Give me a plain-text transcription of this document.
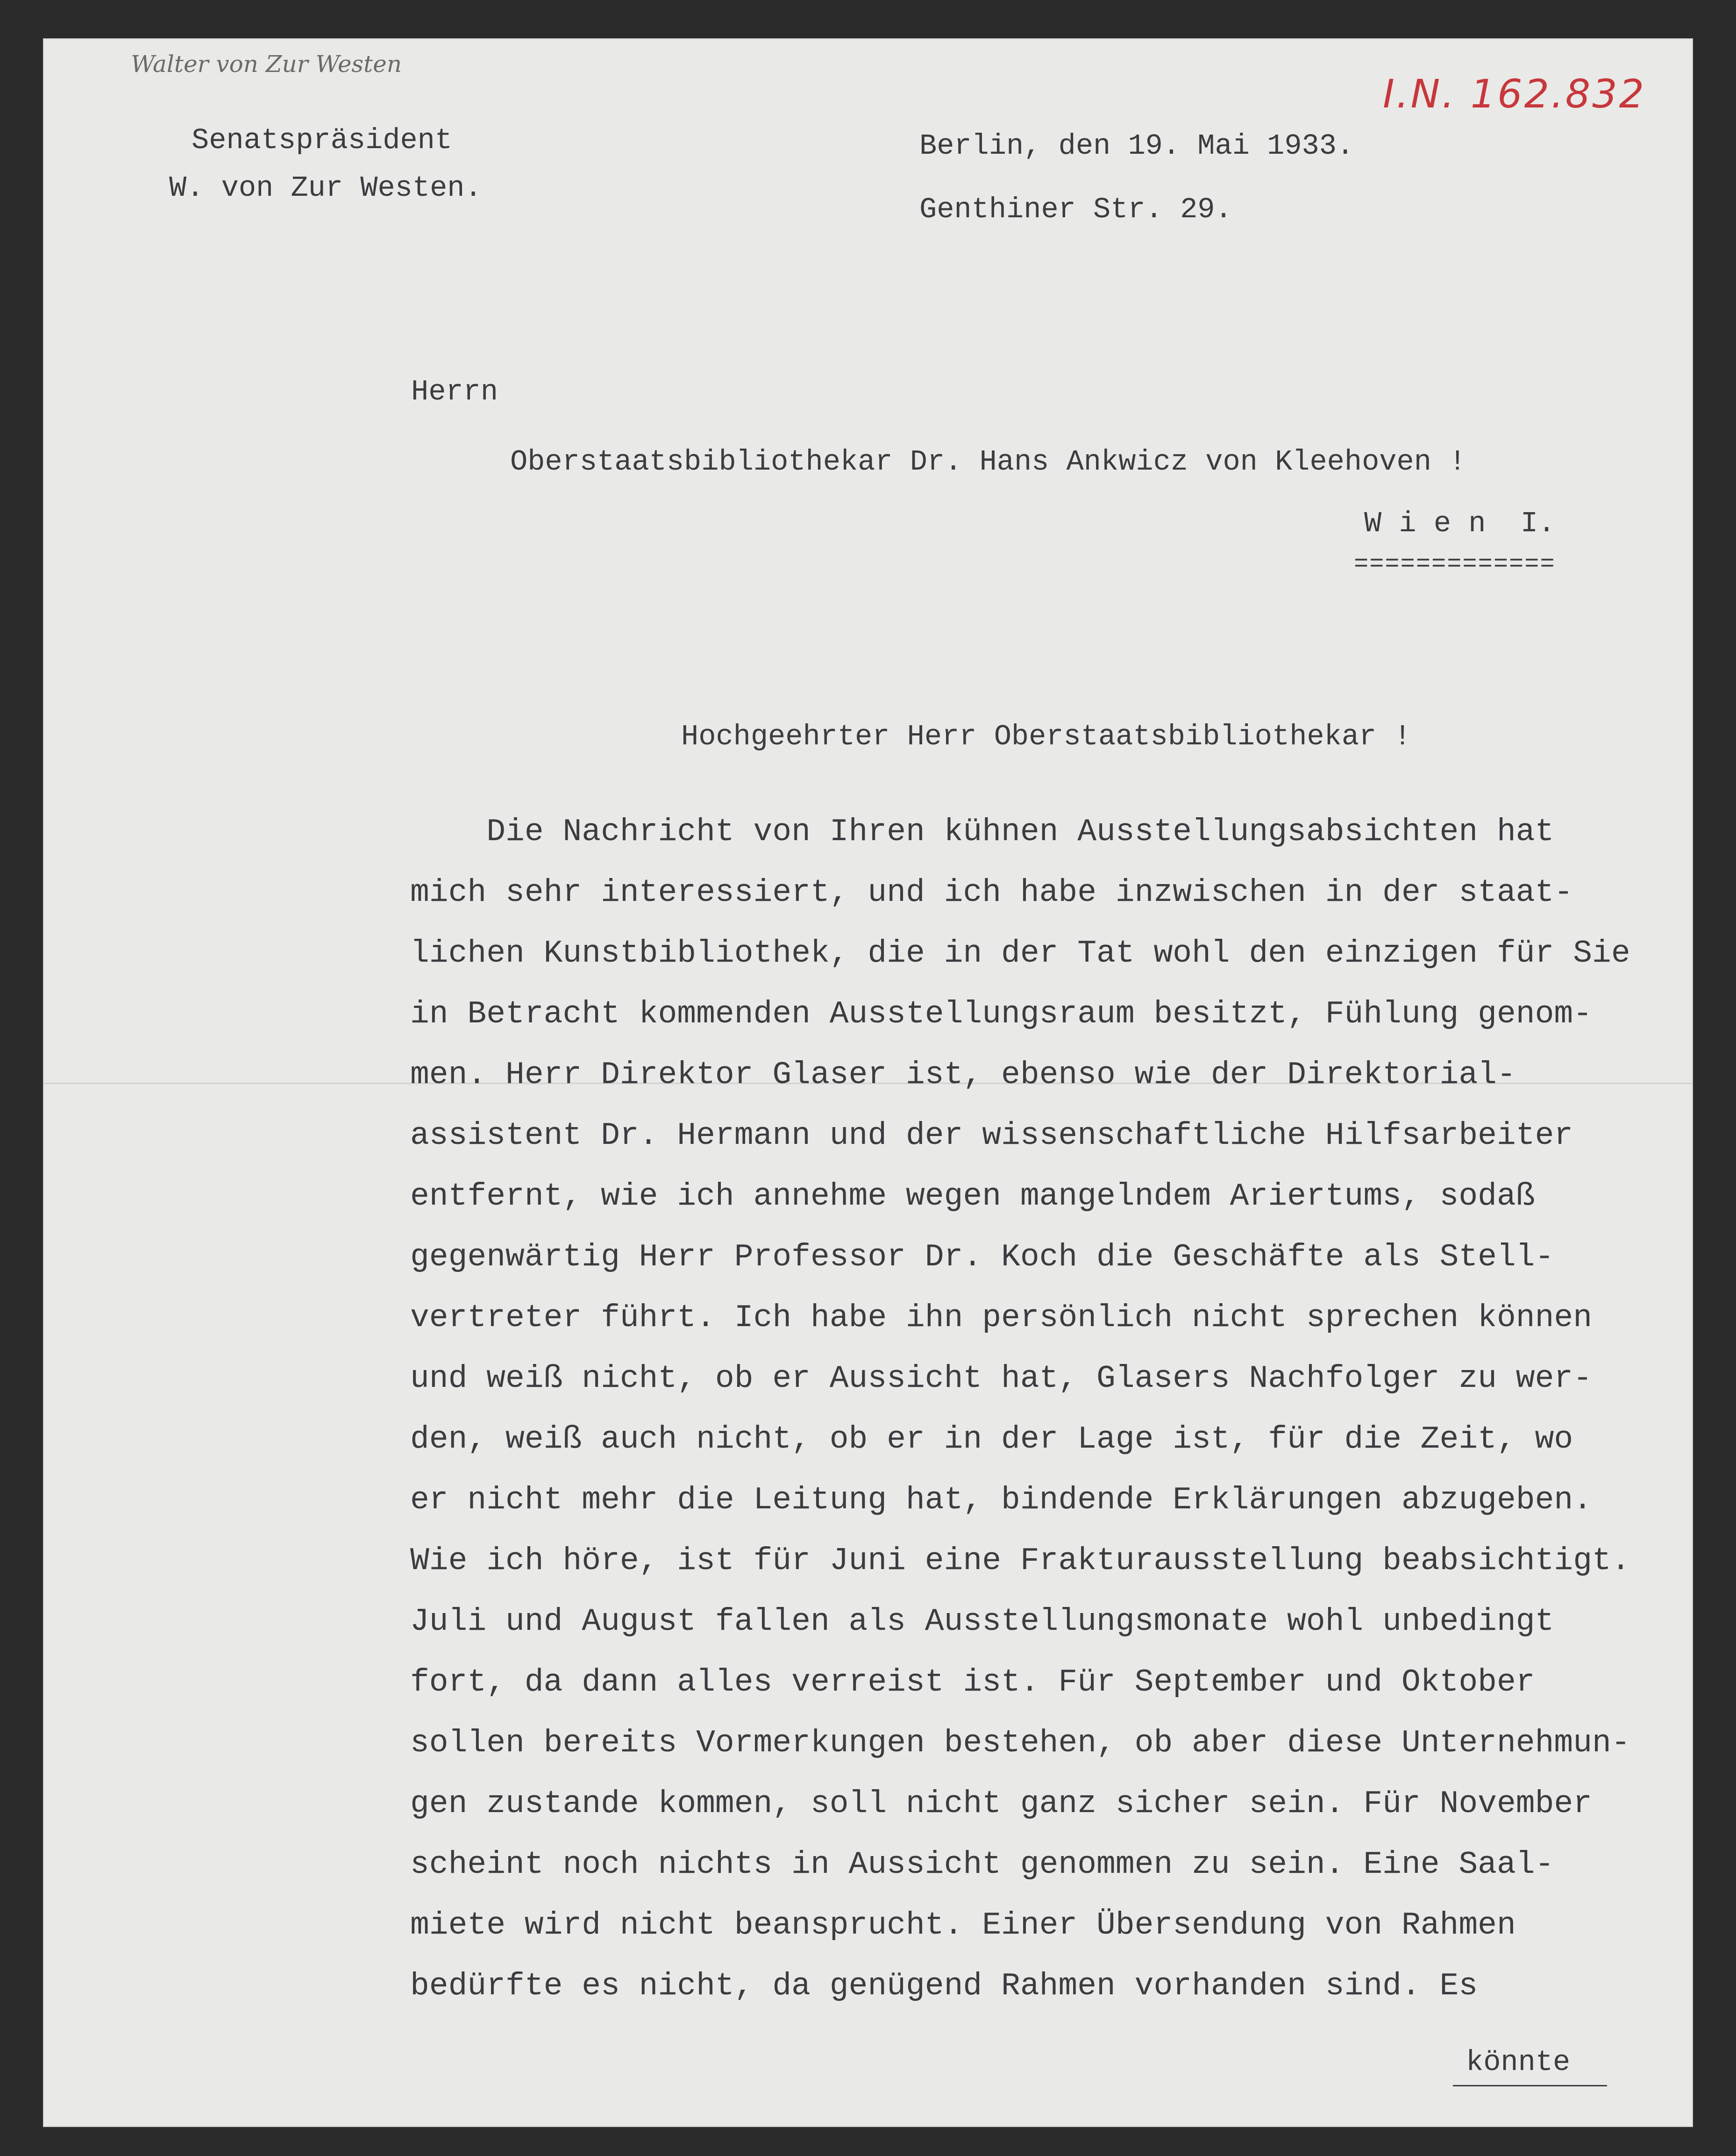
Walter von Zur Westen
I.N. 162.832
Senatspräsident
W. von Zur Westen.
Berlin, den 19. Mai 1933.
Genthiner Str. 29.
Herrn
Oberstaatsbibliothekar Dr. Hans Ankwicz von Kleehoven !
W i e n  I.
=============
Hochgeehrter Herr Oberstaatsbibliothekar !
Die Nachricht von Ihren kühnen Ausstellungsabsichten hat
mich sehr interessiert, und ich habe inzwischen in der staat-
lichen Kunstbibliothek, die in der Tat wohl den einzigen für Sie
in Betracht kommenden Ausstellungsraum besitzt, Fühlung genom-
men. Herr Direktor Glaser ist, ebenso wie der Direktorial-
assistent Dr. Hermann und der wissenschaftliche Hilfsarbeiter
entfernt, wie ich annehme wegen mangelndem Ariertums, sodaß
gegenwärtig Herr Professor Dr. Koch die Geschäfte als Stell-
vertreter führt. Ich habe ihn persönlich nicht sprechen können
und weiß nicht, ob er Aussicht hat, Glasers Nachfolger zu wer-
den, weiß auch nicht, ob er in der Lage ist, für die Zeit, wo
er nicht mehr die Leitung hat, bindende Erklärungen abzugeben.
Wie ich höre, ist für Juni eine Frakturausstellung beabsichtigt.
Juli und August fallen als Ausstellungsmonate wohl unbedingt
fort, da dann alles verreist ist. Für September und Oktober
sollen bereits Vormerkungen bestehen, ob aber diese Unternehmun-
gen zustande kommen, soll nicht ganz sicher sein. Für November
scheint noch nichts in Aussicht genommen zu sein. Eine Saal-
miete wird nicht beansprucht. Einer Übersendung von Rahmen
bedürfte es nicht, da genügend Rahmen vorhanden sind. Es
könnte
